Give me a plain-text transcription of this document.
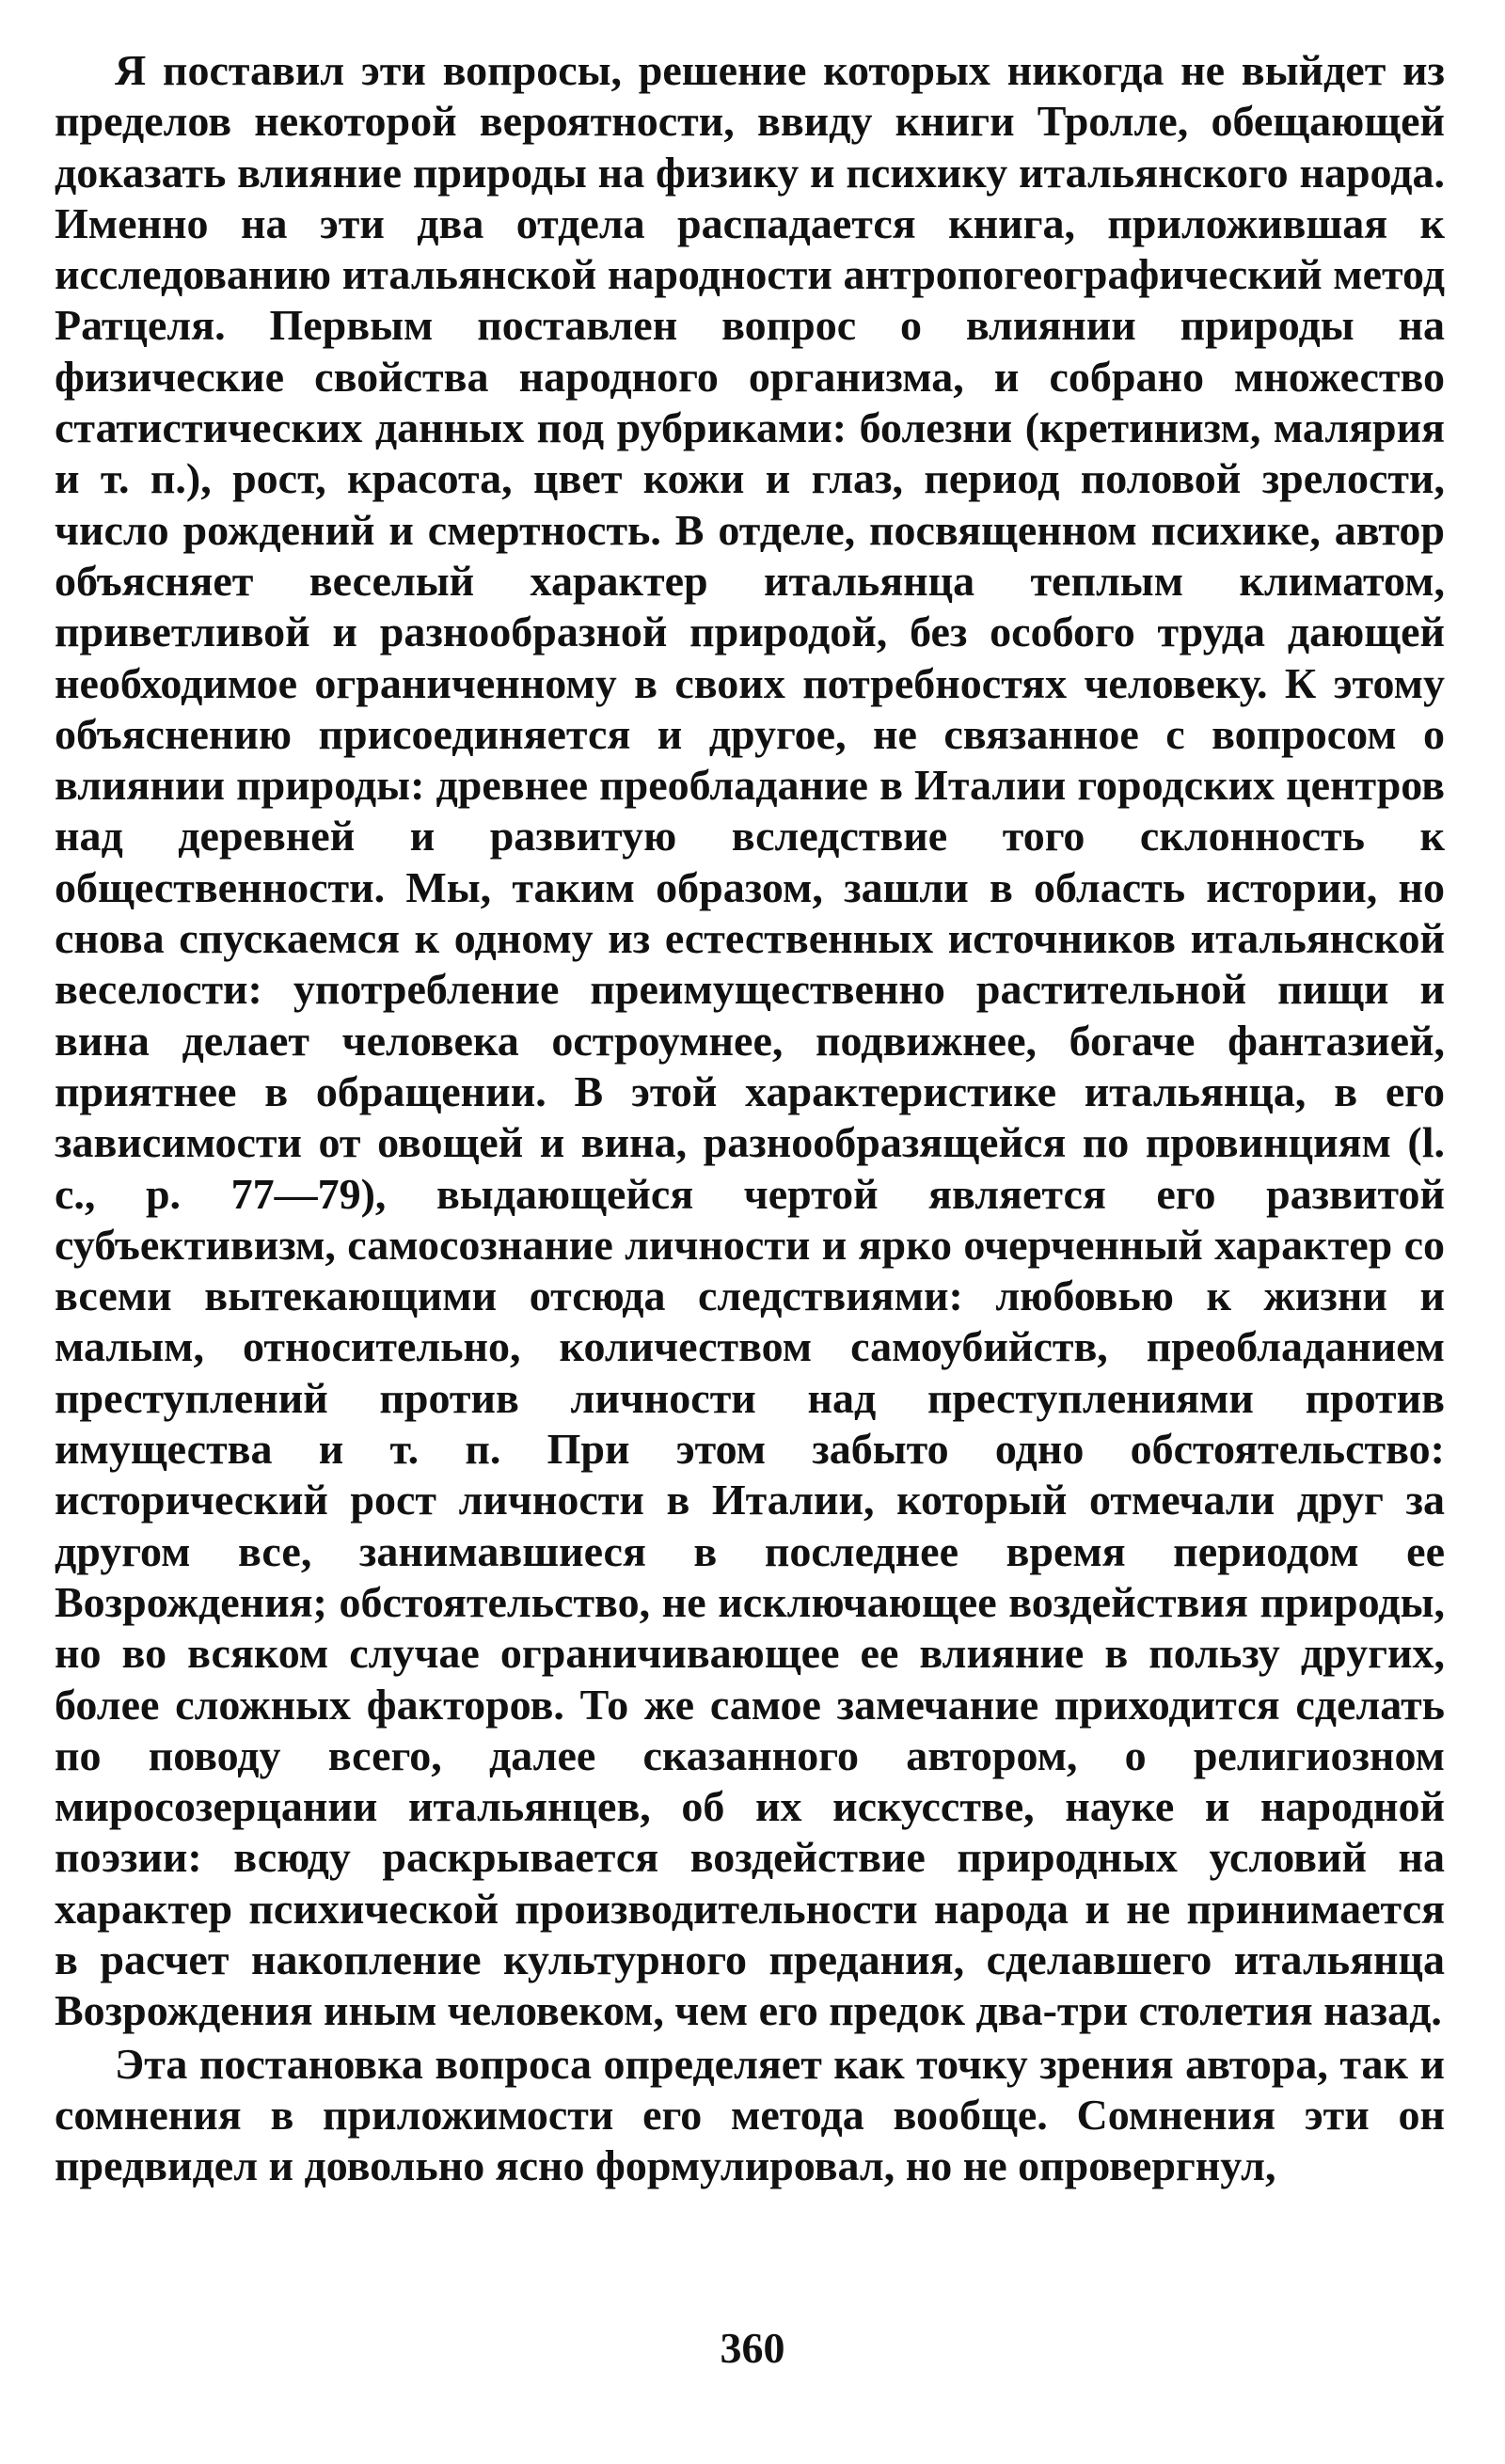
Я поставил эти вопросы, решение которых никогда не выйдет из пределов некоторой вероятности, ввиду книги Тролле, обещающей доказать влияние природы на физику и психику итальянского народа. Именно на эти два отдела распадается книга, приложившая к исследованию итальянской народности антропогеографический метод Ратцеля. Первым поставлен вопрос о влиянии природы на физические свойства народного организма, и собрано множество статистических данных под рубриками: болезни (кретинизм, малярия и т. п.), рост, красота, цвет кожи и глаз, период половой зрелости, число рождений и смертность. В отделе, посвященном психике, автор объясняет веселый характер итальянца теплым климатом, приветливой и разнообразной природой, без особого труда дающей необходимое ограниченному в своих потребностях человеку. К этому объяснению присоединяется и другое, не связанное с вопросом о влиянии природы: древнее преобладание в Италии городских центров над деревней и развитую вследствие того склонность к общественности. Мы, таким образом, зашли в область истории, но снова спускаемся к одному из естественных источников итальянской веселости: употребление преимущественно растительной пищи и вина делает человека остроумнее, подвижнее, богаче фантазией, приятнее в обращении. В этой характеристике итальянца, в его зависимости от овощей и вина, разнообразящейся по провинциям (l. c., p. 77—79), выдающейся чертой является его развитой субъективизм, самосознание личности и ярко очерченный характер со всеми вытекающими отсюда следствиями: любовью к жизни и малым, относительно, количеством самоубийств, преобладанием преступлений против личности над преступлениями против имущества и т. п. При этом забыто одно обстоятельство: исторический рост личности в Италии, который отмечали друг за другом все, занимавшиеся в последнее время периодом ее Возрождения; обстоятельство, не исключающее воздействия природы, но во всяком случае ограничивающее ее влияние в пользу других, более сложных факторов. То же самое замечание приходится сделать по поводу всего, далее сказанного автором, о религиозном миросозерцании итальянцев, об их искусстве, науке и народной поэзии: всюду раскрывается воздействие природных условий на характер психической производительности народа и не принимается в расчет накопление культурного предания, сделавшего итальянца Возрождения иным человеком, чем его предок два-три столетия назад.

Эта постановка вопроса определяет как точку зрения автора, так и сомнения в приложимости его метода вообще. Сомнения эти он предвидел и довольно ясно формулировал, но не опровергнул,

360
